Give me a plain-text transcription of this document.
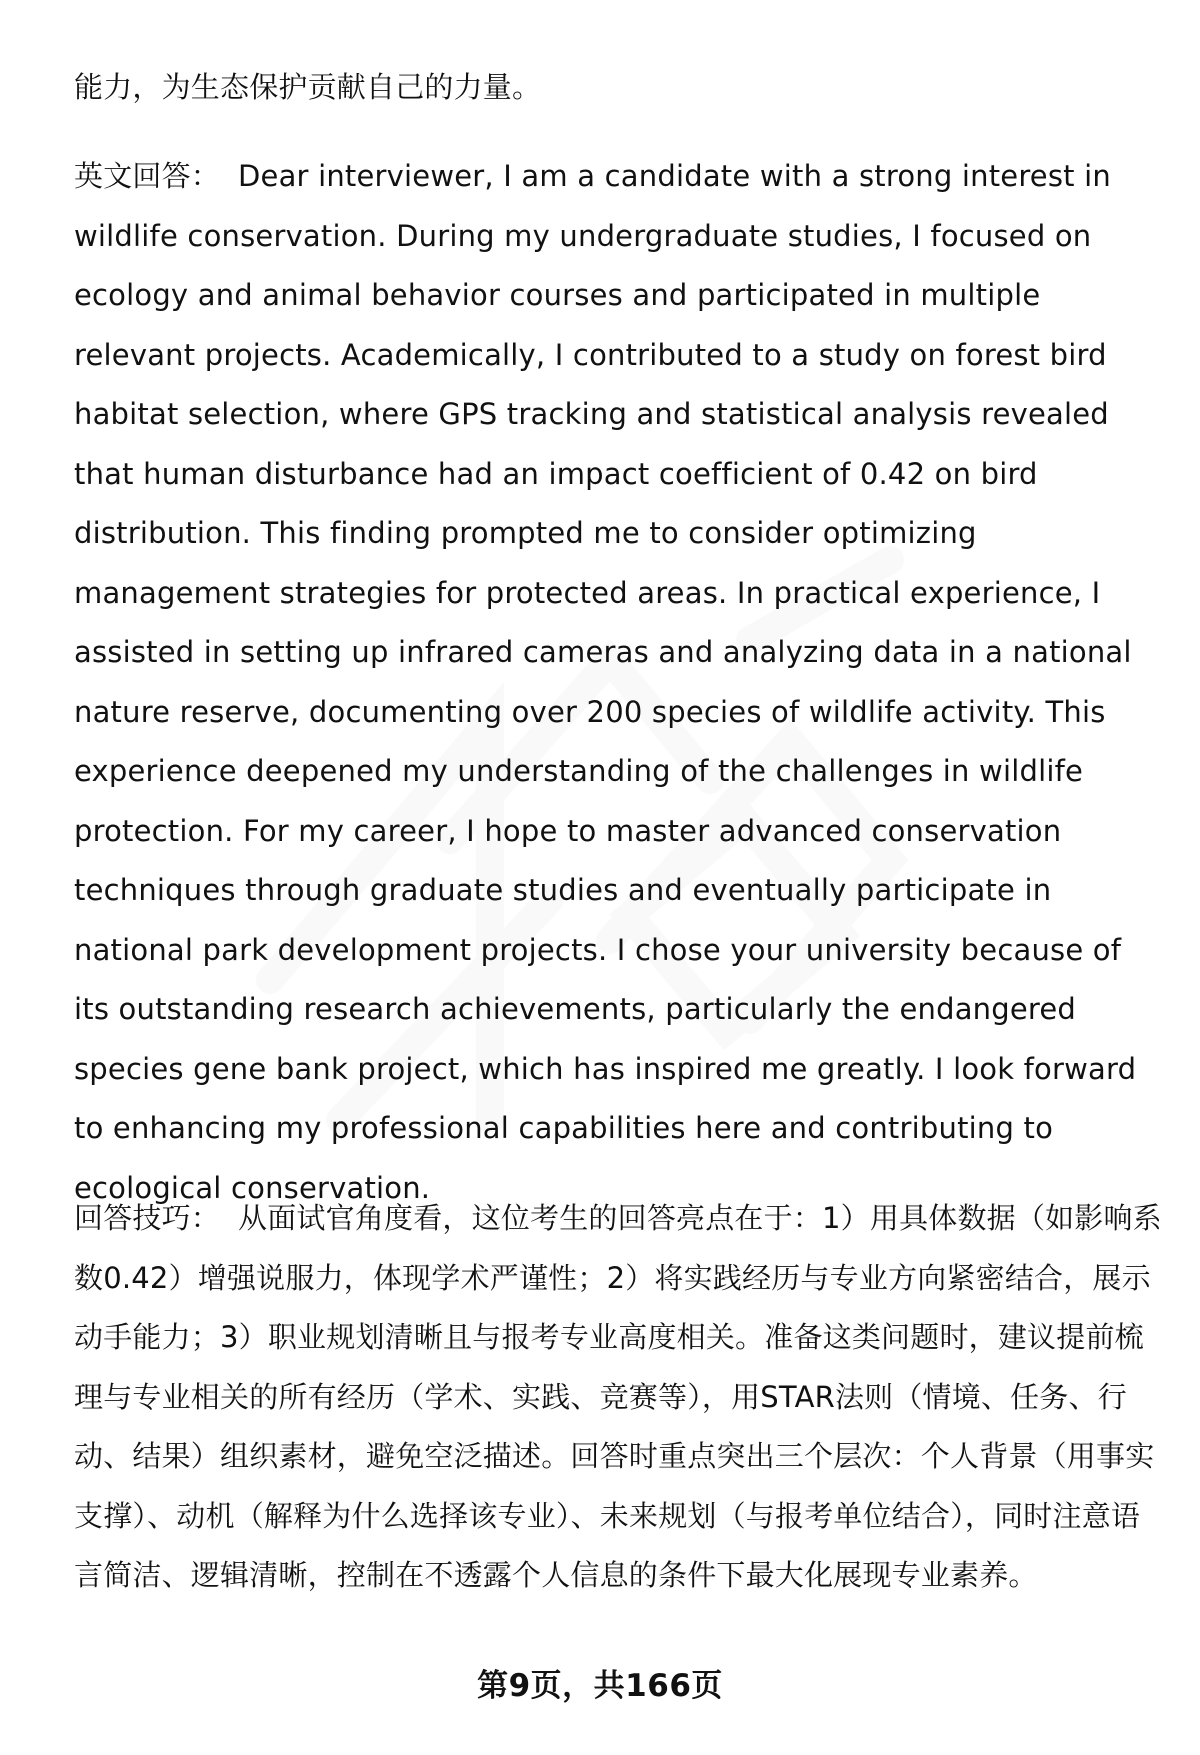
能力，为生态保护贡献自己的力量。
英文回答： Dear interviewer, I am a candidate with a strong interest in wildlife conservation. During my undergraduate studies, I focused on ecology and animal behavior courses and participated in multiple relevant projects. Academically, I contributed to a study on forest bird habitat selection, where GPS tracking and statistical analysis revealed that human disturbance had an impact coefficient of 0.42 on bird distribution. This finding prompted me to consider optimizing management strategies for protected areas. In practical experience, I assisted in setting up infrared cameras and analyzing data in a national nature reserve, documenting over 200 species of wildlife activity. This experience deepened my understanding of the challenges in wildlife protection. For my career, I hope to master advanced conservation techniques through graduate studies and eventually participate in national park development projects. I chose your university because of its outstanding research achievements, particularly the endangered species gene bank project, which has inspired me greatly. I look forward to enhancing my professional capabilities here and contributing to ecological conservation.
回答技巧： 从面试官角度看，这位考生的回答亮点在于：1）用具体数据（如影响系数0.42）增强说服力，体现学术严谨性；2）将实践经历与专业方向紧密结合，展示动手能力；3）职业规划清晰且与报考专业高度相关。准备这类问题时，建议提前梳理与专业相关的所有经历（学术、实践、竞赛等），用STAR法则（情境、任务、行动、结果）组织素材，避免空泛描述。回答时重点突出三个层次：个人背景（用事实支撑）、动机（解释为什么选择该专业）、未来规划（与报考单位结合），同时注意语言简洁、逻辑清晰，控制在不透露个人信息的条件下最大化展现专业素养。
第9页，共166页
